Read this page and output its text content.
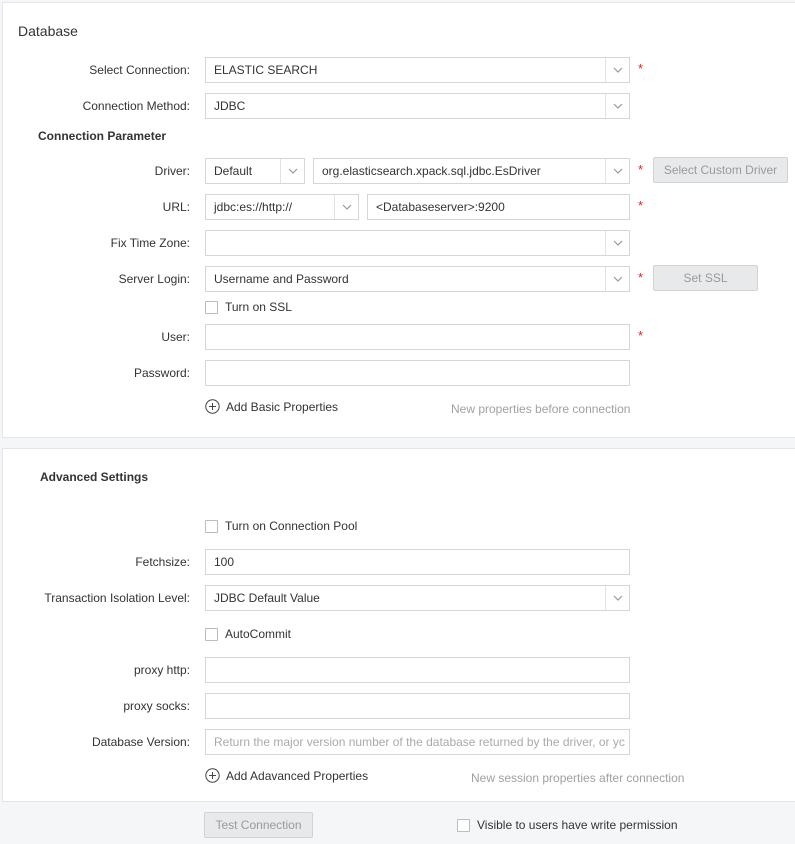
Database
Select Connection:	ELASTIC SEARCH	*
Connection Method:	JDBC
Connection Parameter
Driver:	Default	org.elasticsearch.xpack.sql.jdbc.EsDriver	*	Select Custom Driver
URL:	jdbc:es://http://	<Databaseserver>:9200	*
Fix Time Zone:
Server Login:	Username and Password	*	Set SSL
Turn on SSL
User:	*
Password:
Add Basic Properties	New properties before connection
Advanced Settings
Turn on Connection Pool
Fetchsize:	100
Transaction Isolation Level:	JDBC Default Value
AutoCommit
proxy http:
proxy socks:
Database Version:	Return the major version number of the database returned by the driver, or yc
Add Adavanced Properties	New session properties after connection
Test Connection	Visible to users have write permission
